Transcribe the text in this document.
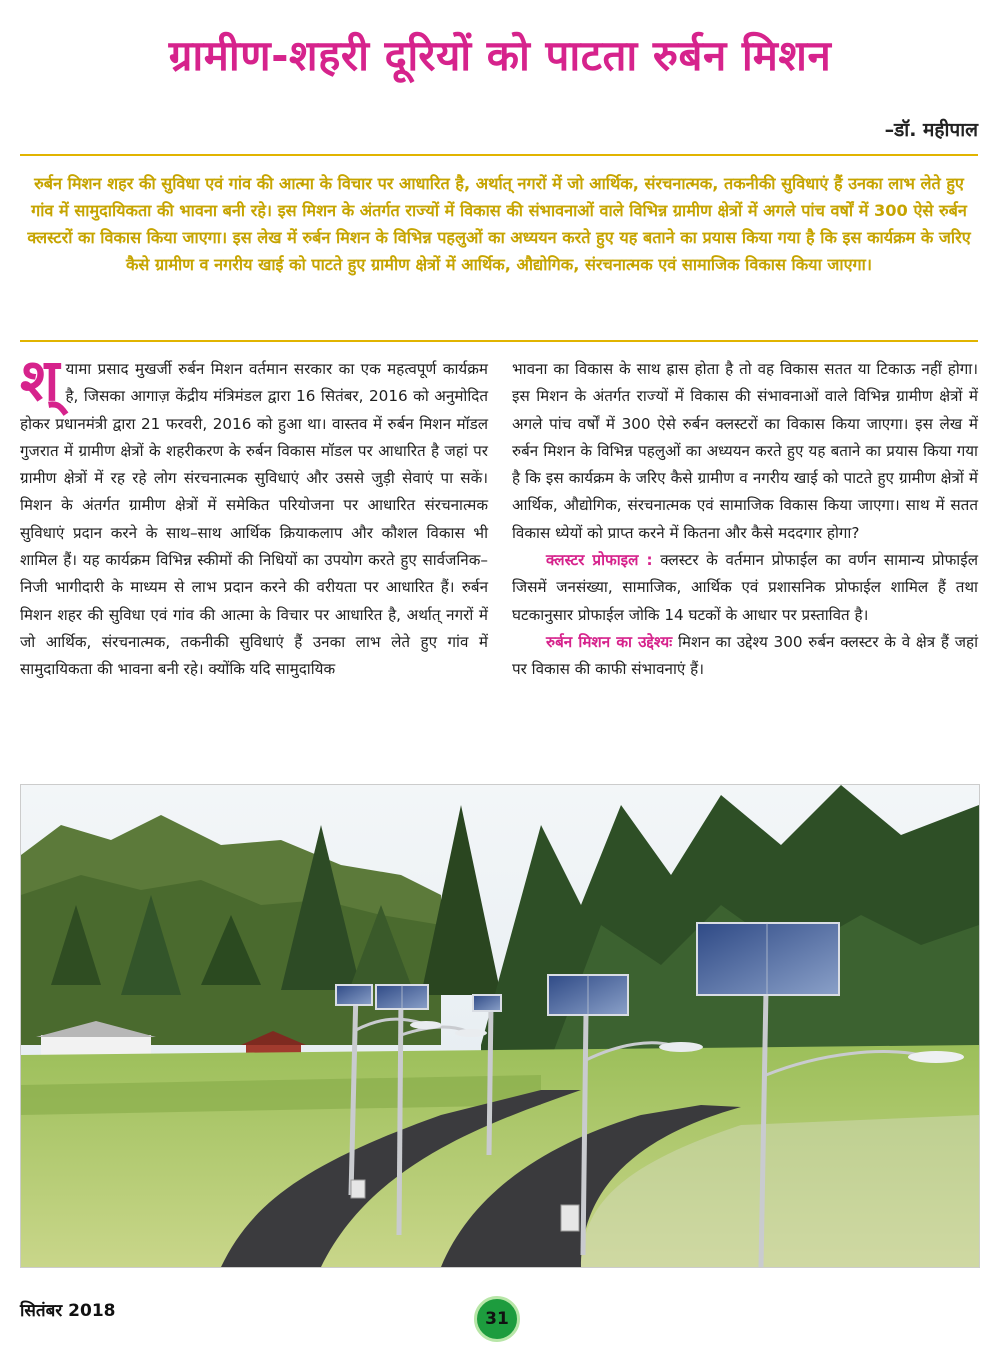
ग्रामीण-शहरी दूरियों को पाटता रुर्बन मिशन
–डॉ. महीपाल
रुर्बन मिशन शहर की सुविधा एवं गांव की आत्मा के विचार पर आधारित है, अर्थात् नगरों में जो आर्थिक, संरचनात्मक, तकनीकी सुविधाएं हैं उनका लाभ लेते हुए गांव में सामुदायिकता की भावना बनी रहे। इस मिशन के अंतर्गत राज्यों में विकास की संभावनाओं वाले विभिन्न ग्रामीण क्षेत्रों में अगले पांच वर्षों में 300 ऐसे रुर्बन क्लस्टरों का विकास किया जाएगा। इस लेख में रुर्बन मिशन के विभिन्न पहलुओं का अध्ययन करते हुए यह बताने का प्रयास किया गया है कि इस कार्यक्रम के जरिए कैसे ग्रामीण व नगरीय खाई को पाटते हुए ग्रामीण क्षेत्रों में आर्थिक, औद्योगिक, संरचनात्मक एवं सामाजिक विकास किया जाएगा।
श्यामा प्रसाद मुखर्जी रुर्बन मिशन वर्तमान सरकार का एक महत्वपूर्ण कार्यक्रम है, जिसका आगाज़ केंद्रीय मंत्रिमंडल द्वारा 16 सितंबर, 2016 को अनुमोदित होकर प्रधानमंत्री द्वारा 21 फरवरी, 2016 को हुआ था। वास्तव में रुर्बन मिशन मॉडल गुजरात में ग्रामीण क्षेत्रों के शहरीकरण के रुर्बन विकास मॉडल पर आधारित है जहां पर ग्रामीण क्षेत्रों में रह रहे लोग संरचनात्मक सुविधाएं और उससे जुड़ी सेवाएं पा सकें। मिशन के अंतर्गत ग्रामीण क्षेत्रों में समेकित परियोजना पर आधारित संरचनात्मक सुविधाएं प्रदान करने के साथ–साथ आर्थिक क्रियाकलाप और कौशल विकास भी शामिल हैं। यह कार्यक्रम विभिन्न स्कीमों की निधियों का उपयोग करते हुए सार्वजनिक–निजी भागीदारी के माध्यम से लाभ प्रदान करने की वरीयता पर आधारित हैं। रुर्बन मिशन शहर की सुविधा एवं गांव की आत्मा के विचार पर आधारित है, अर्थात् नगरों में जो आर्थिक, संरचनात्मक, तकनीकी सुविधाएं हैं उनका लाभ लेते हुए गांव में सामुदायिकता की भावना बनी रहे। क्योंकि यदि सामुदायिक
भावना का विकास के साथ ह्रास होता है तो वह विकास सतत या टिकाऊ नहीं होगा। इस मिशन के अंतर्गत राज्यों में विकास की संभावनाओं वाले विभिन्न ग्रामीण क्षेत्रों में अगले पांच वर्षों में 300 ऐसे रुर्बन क्लस्टरों का विकास किया जाएगा। इस लेख में रुर्बन मिशन के विभिन्न पहलुओं का अध्ययन करते हुए यह बताने का प्रयास किया गया है कि इस कार्यक्रम के जरिए कैसे ग्रामीण व नगरीय खाई को पाटते हुए ग्रामीण क्षेत्रों में आर्थिक, औद्योगिक, संरचनात्मक एवं सामाजिक विकास किया जाएगा। साथ में सतत विकास ध्येयों को प्राप्त करने में कितना और कैसे मददगार होगा?
क्लस्टर प्रोफाइल : क्लस्टर के वर्तमान प्रोफाईल का वर्णन सामान्य प्रोफाईल जिसमें जनसंख्या, सामाजिक, आर्थिक एवं प्रशासनिक प्रोफाईल शामिल हैं तथा घटकानुसार प्रोफाईल जोकि 14 घटकों के आधार पर प्रस्तावित है।
रुर्बन मिशन का उद्देश्यः मिशन का उद्देश्य 300 रुर्बन क्लस्टर के वे क्षेत्र हैं जहां पर विकास की काफी संभावनाएं हैं।
सितंबर 2018	31
